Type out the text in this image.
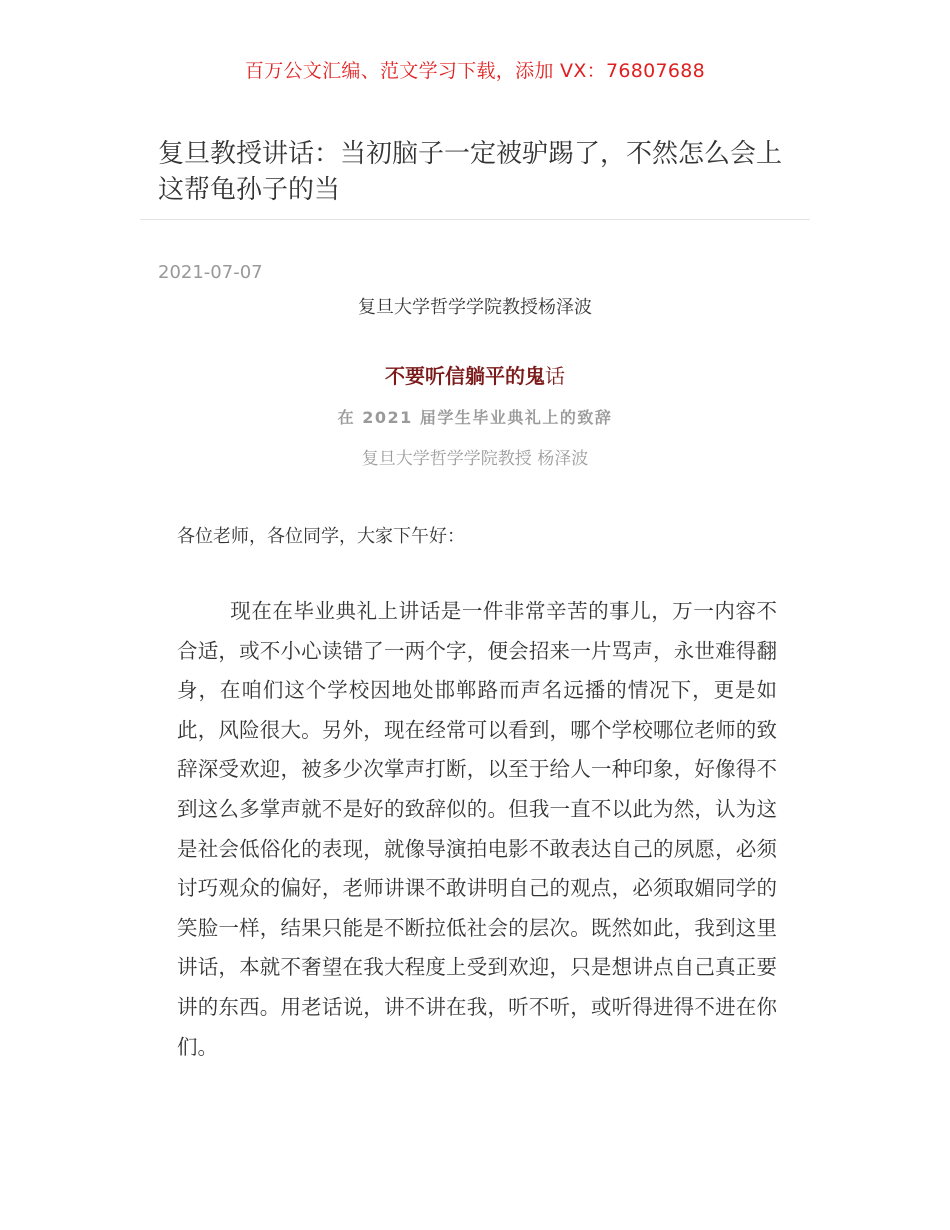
百万公文汇编、范文学习下载，添加 VX：76807688
复旦教授讲话：当初脑子一定被驴踢了，不然怎么会上这帮龟孙子的当
2021-07-07
复旦大学哲学学院教授杨泽波
不要听信躺平的鬼话
在 2021 届学生毕业典礼上的致辞
复旦大学哲学学院教授 杨泽波
各位老师，各位同学，大家下午好：

现在在毕业典礼上讲话是一件非常辛苦的事儿，万一内容不合适，或不小心读错了一两个字，便会招来一片骂声，永世难得翻身，在咱们这个学校因地处邯郸路而声名远播的情况下，更是如此，风险很大。另外，现在经常可以看到，哪个学校哪位老师的致辞深受欢迎，被多少次掌声打断，以至于给人一种印象，好像得不到这么多掌声就不是好的致辞似的。但我一直不以此为然，认为这是社会低俗化的表现，就像导演拍电影不敢表达自己的夙愿，必须讨巧观众的偏好，老师讲课不敢讲明自己的观点，必须取媚同学的笑脸一样，结果只能是不断拉低社会的层次。既然如此，我到这里讲话，本就不奢望在我大程度上受到欢迎，只是想讲点自己真正要讲的东西。用老话说，讲不讲在我，听不听，或听得进得不进在你们。
